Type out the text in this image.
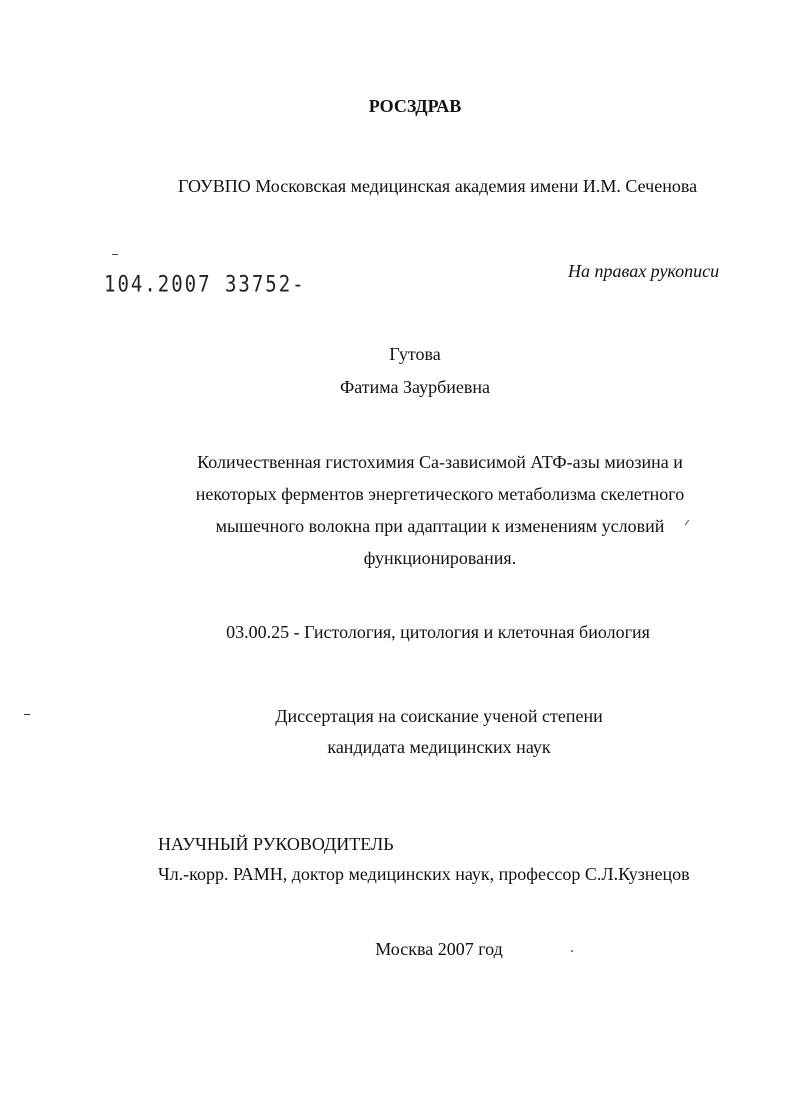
РОСЗДРАВ
ГОУВПО Московская медицинская академия имени И.М. Сеченова
104.2007 33752-
На правах рукописи
Гутова
Фатима Заурбиевна
Количественная гистохимия Са-зависимой АТФ-азы миозина и
некоторых ферментов энергетического метаболизма скелетного
мышечного волокна при адаптации к изменениям условий
функционирования.
03.00.25 - Гистология, цитология и клеточная биология
Диссертация на соискание ученой степени
кандидата медицинских наук
НАУЧНЫЙ РУКОВОДИТЕЛЬ
Чл.-корр. РАМН, доктор медицинских наук, профессор С.Л.Кузнецов
Москва 2007 год
